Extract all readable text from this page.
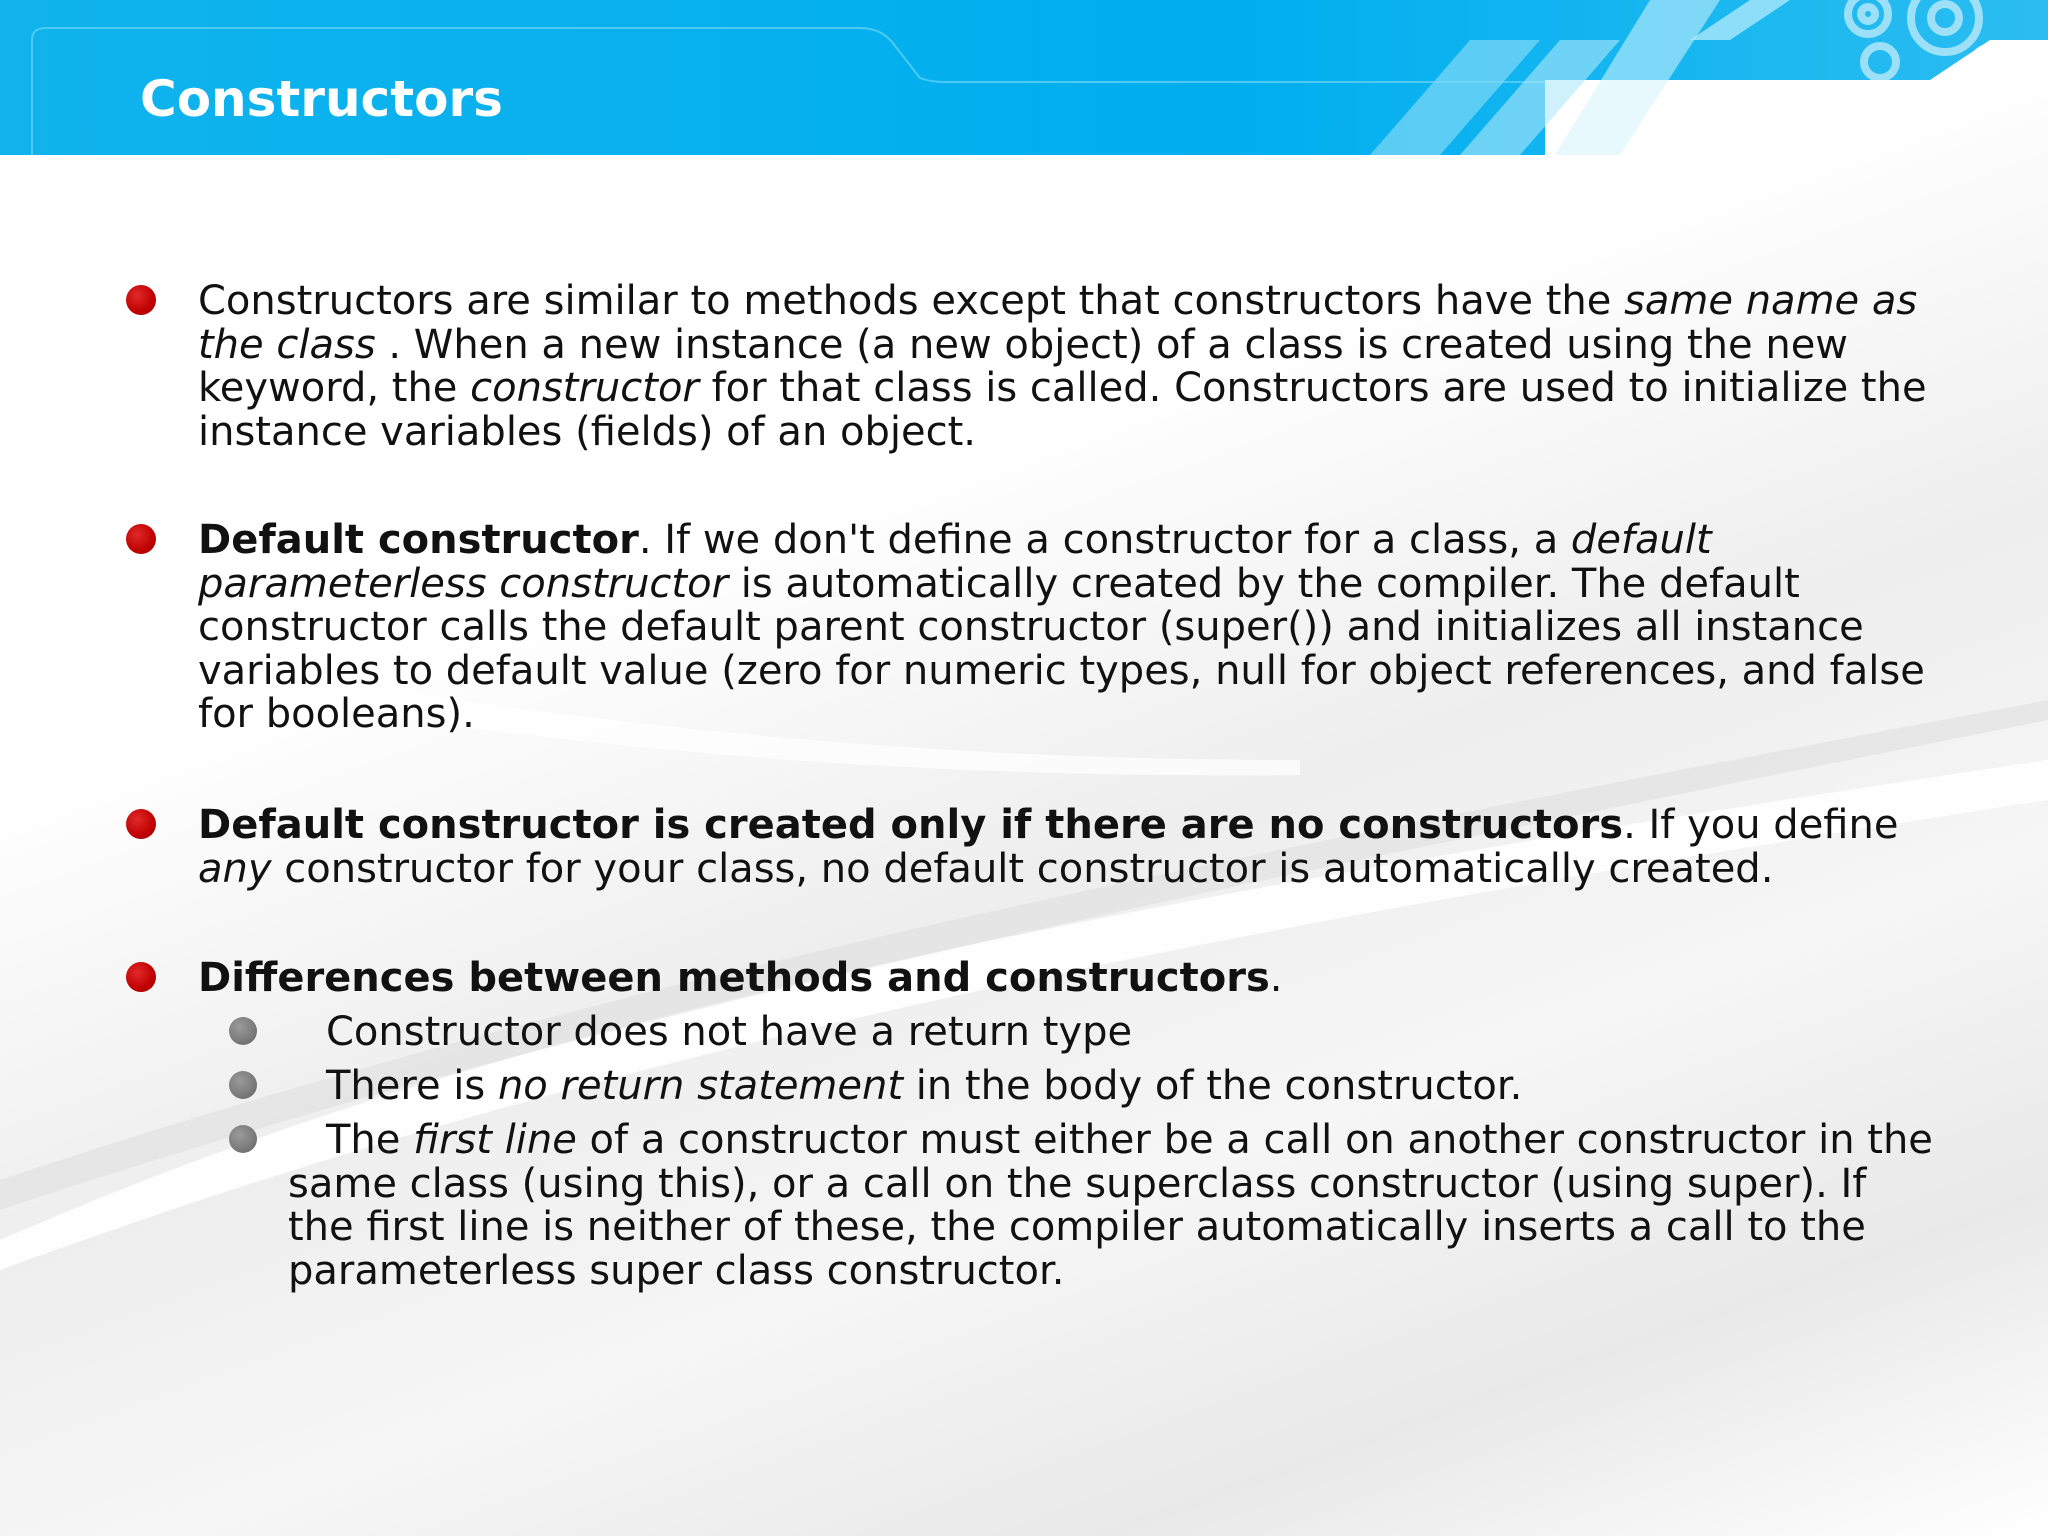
Constructors
Constructors are similar to methods except that constructors have the same name as the class . When a new instance (a new object) of a class is created using the new keyword, the constructor for that class is called. Constructors are used to initialize the instance variables (fields) of an object.
Default constructor. If we don't define a constructor for a class, a default parameterless constructor is automatically created by the compiler. The default constructor calls the default parent constructor (super()) and initializes all instance variables to default value (zero for numeric types, null for object references, and false for booleans).
Default constructor is created only if there are no constructors. If you define any constructor for your class, no default constructor is automatically created.
Differences between methods and constructors.
Constructor does not have a return type
There is no return statement in the body of the constructor.
The first line of a constructor must either be a call on another constructor in the same class (using this), or a call on the superclass constructor (using super). If the first line is neither of these, the compiler automatically inserts a call to the parameterless super class constructor.
